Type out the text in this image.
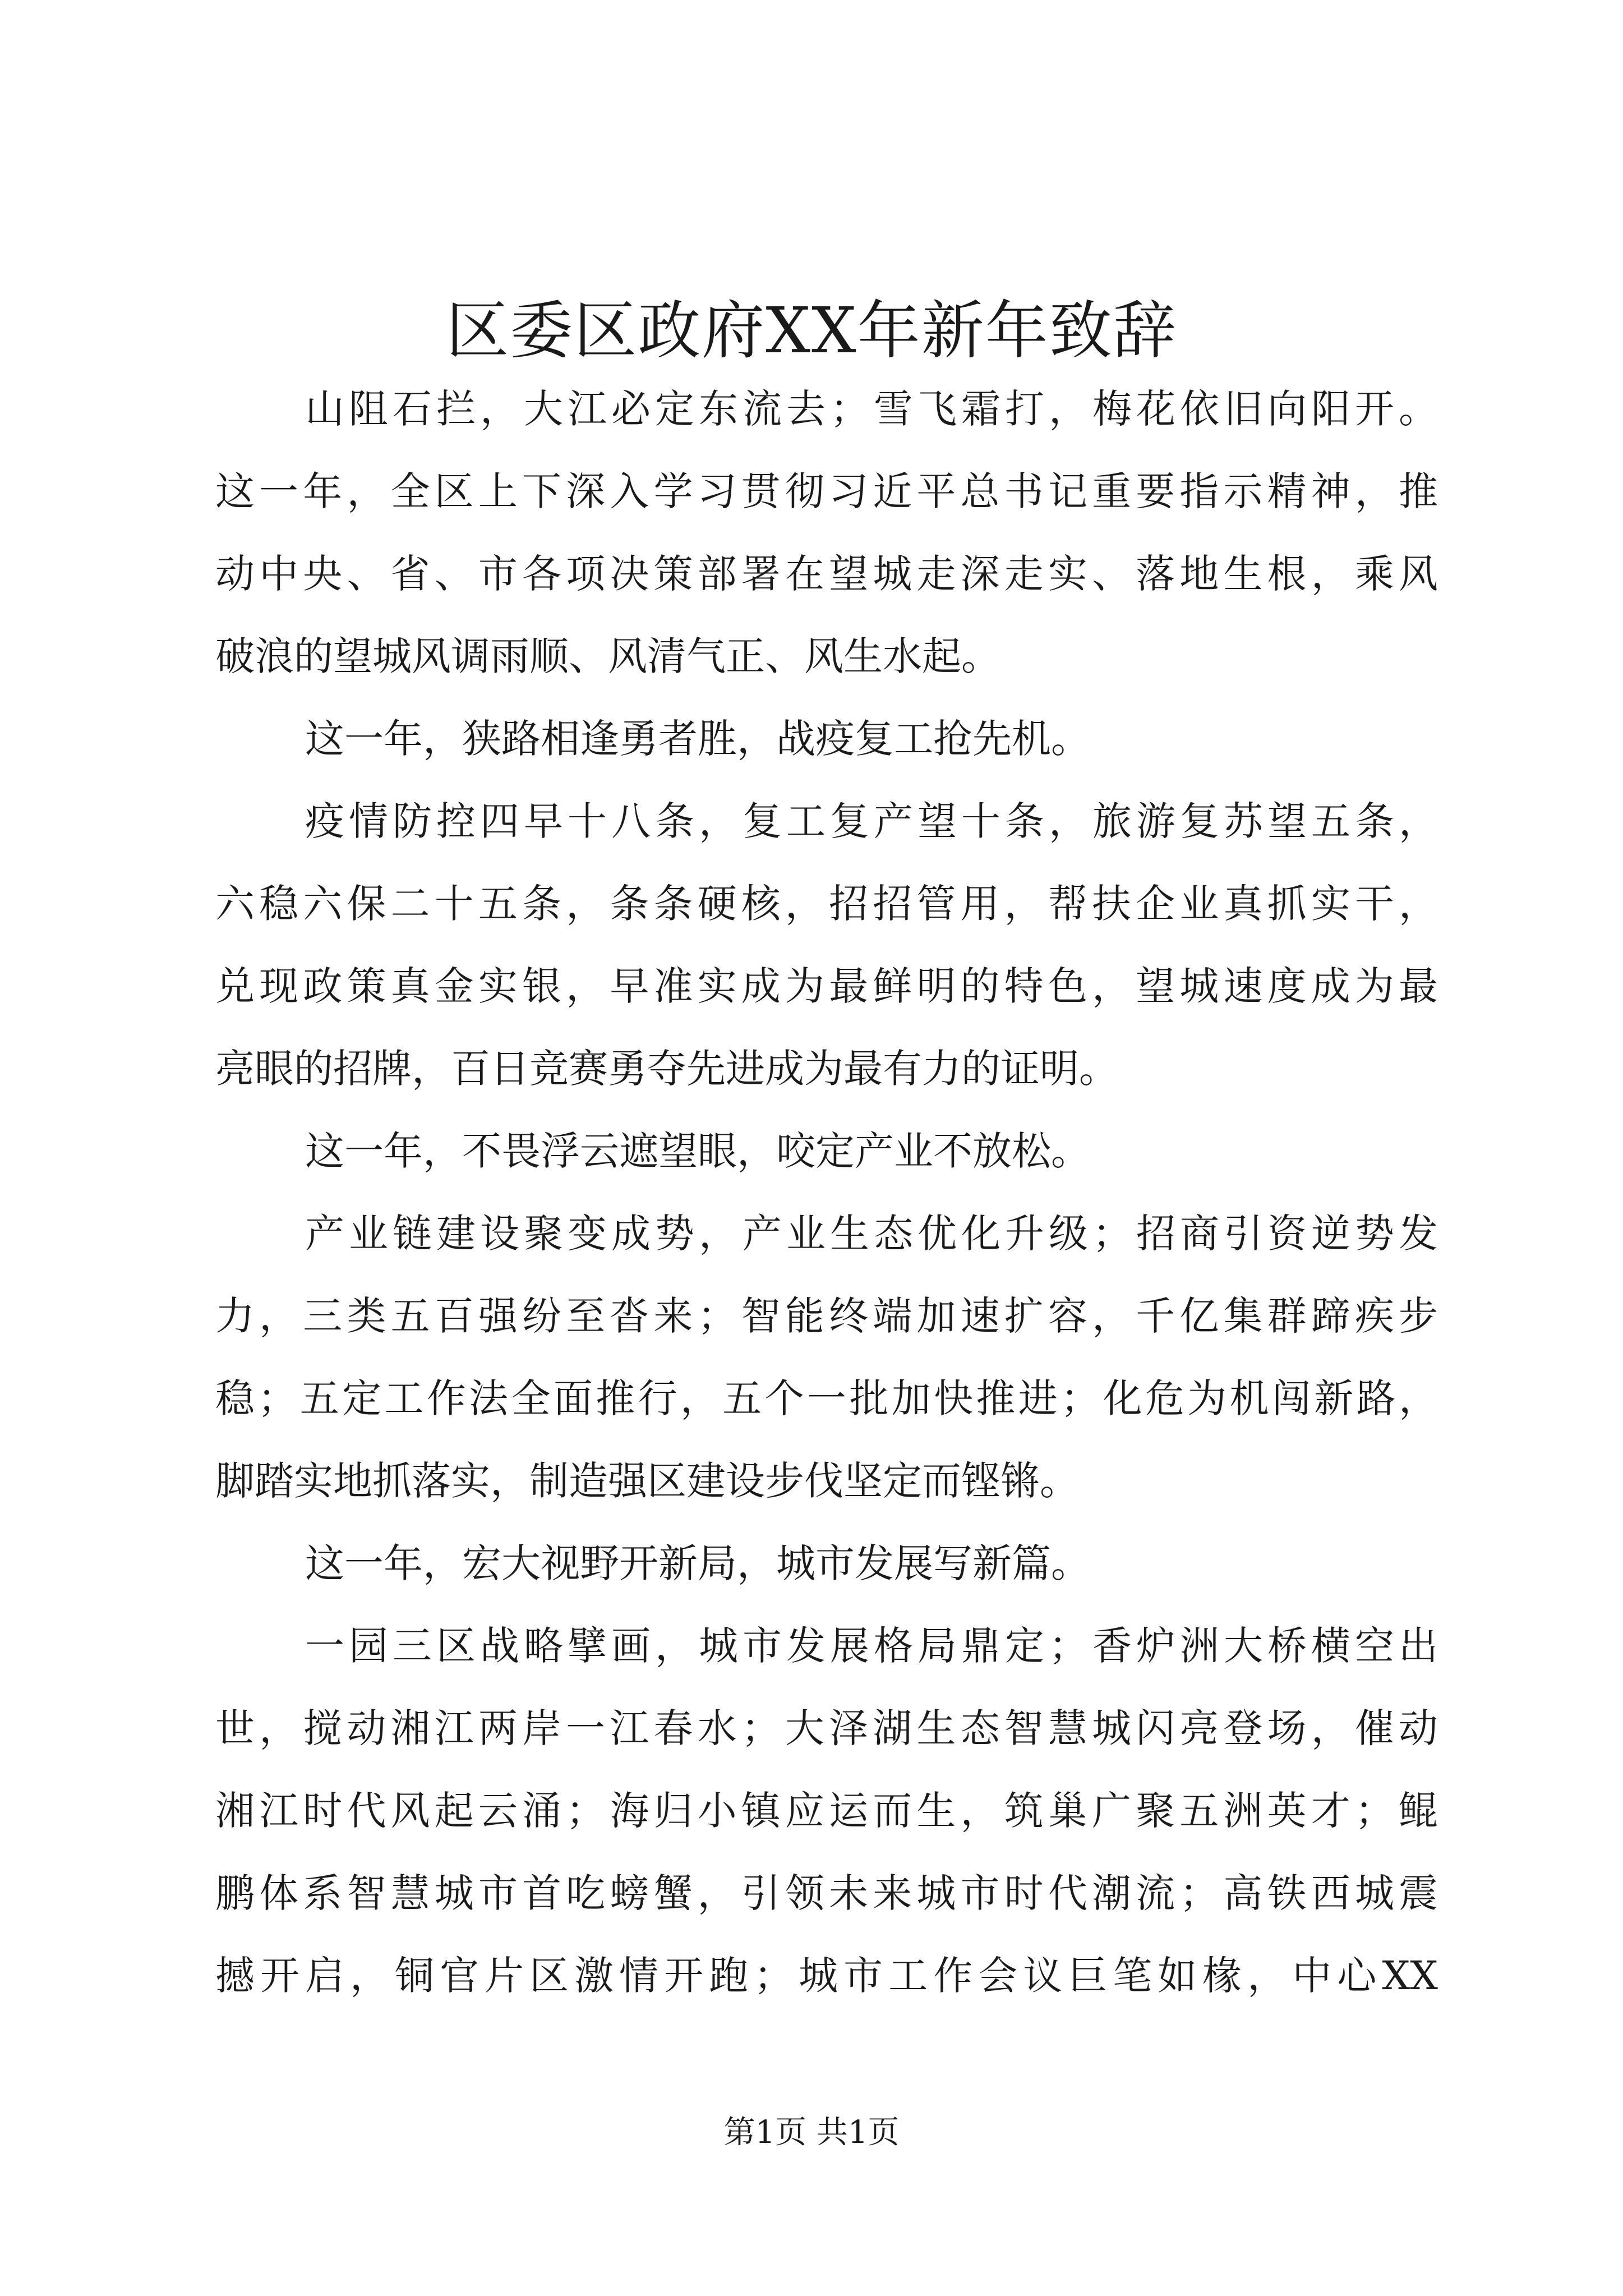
区委区政府XX年新年致辞
山阻石拦，大江必定东流去；雪飞霜打，梅花依旧向阳开。
这一年，全区上下深入学习贯彻习近平总书记重要指示精神，推
动中央、省、市各项决策部署在望城走深走实、落地生根，乘风
破浪的望城风调雨顺、风清气正、风生水起。
这一年，狭路相逢勇者胜，战疫复工抢先机。
疫情防控四早十八条，复工复产望十条，旅游复苏望五条，
六稳六保二十五条，条条硬核，招招管用，帮扶企业真抓实干，
兑现政策真金实银，早准实成为最鲜明的特色，望城速度成为最
亮眼的招牌，百日竞赛勇夺先进成为最有力的证明。
这一年，不畏浮云遮望眼，咬定产业不放松。
产业链建设聚变成势，产业生态优化升级；招商引资逆势发
力，三类五百强纷至沓来；智能终端加速扩容，千亿集群蹄疾步
稳；五定工作法全面推行，五个一批加快推进；化危为机闯新路，
脚踏实地抓落实，制造强区建设步伐坚定而铿锵。
这一年，宏大视野开新局，城市发展写新篇。
一园三区战略擘画，城市发展格局鼎定；香炉洲大桥横空出
世，搅动湘江两岸一江春水；大泽湖生态智慧城闪亮登场，催动
湘江时代风起云涌；海归小镇应运而生，筑巢广聚五洲英才；鲲
鹏体系智慧城市首吃螃蟹，引领未来城市时代潮流；高铁西城震
撼开启，铜官片区激情开跑；城市工作会议巨笔如椽，中心XX
第1页 共1页
